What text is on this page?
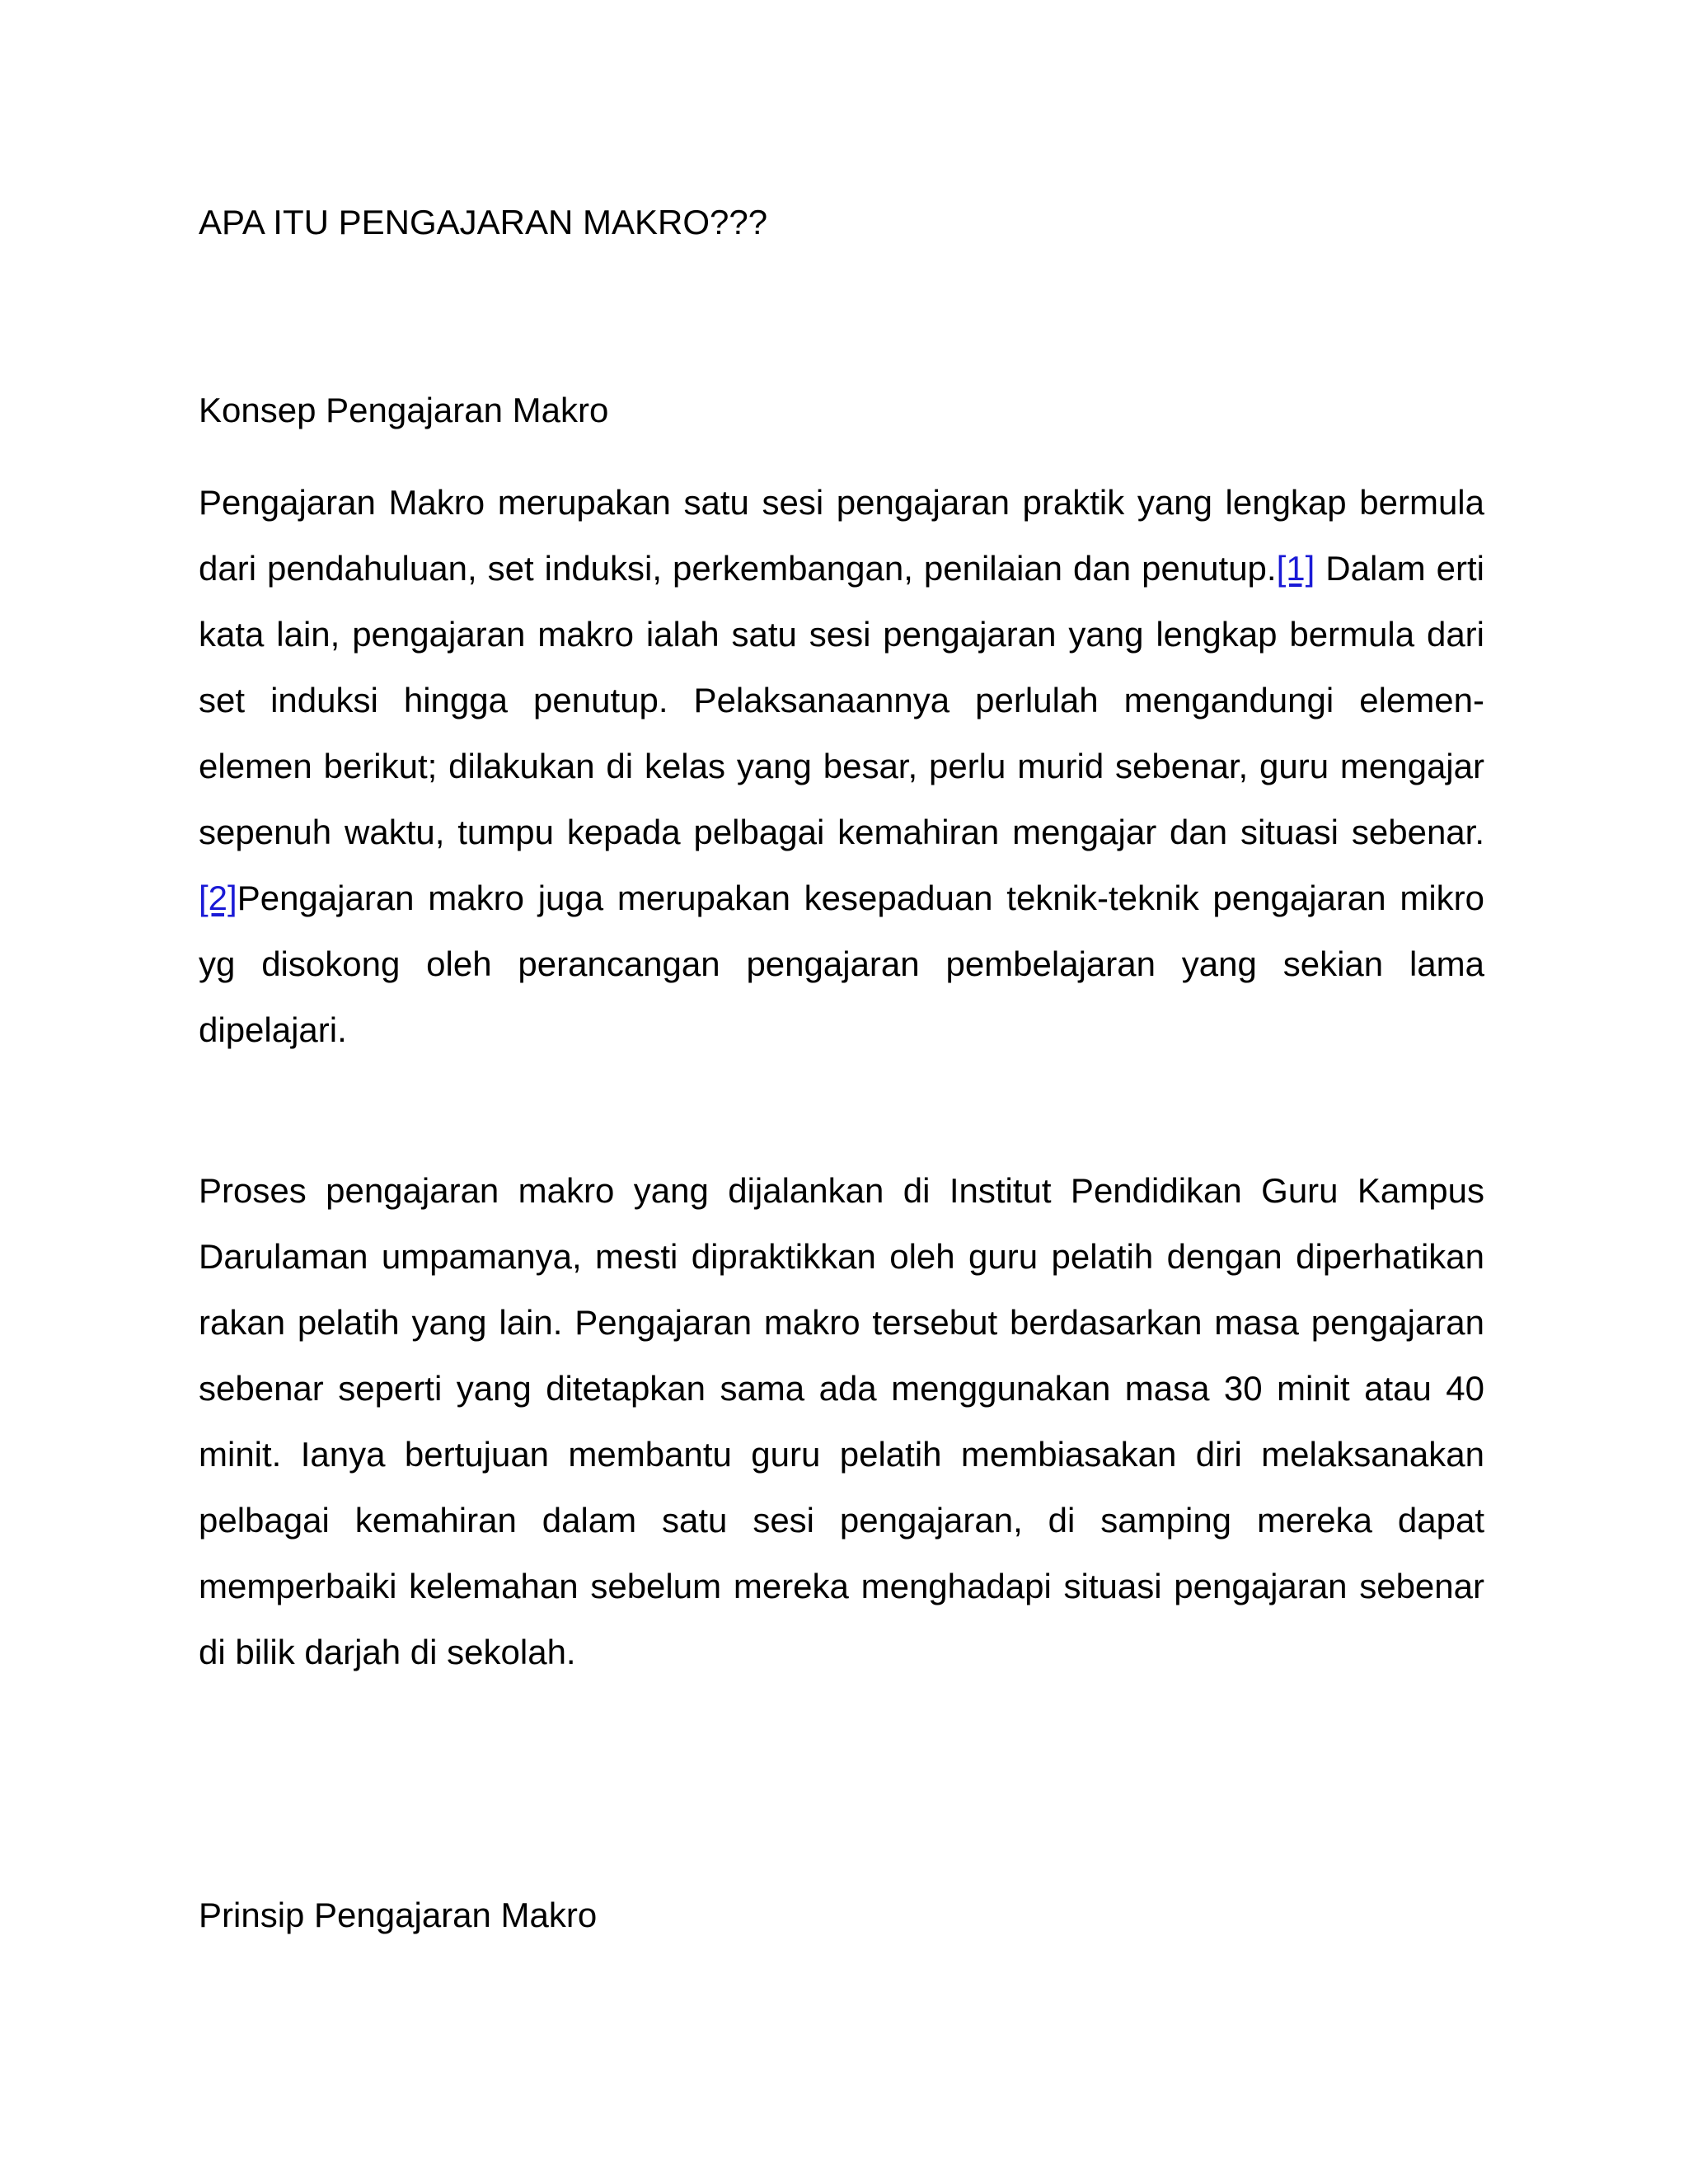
APA ITU PENGAJARAN MAKRO???

Konsep Pengajaran Makro

Pengajaran Makro merupakan satu sesi pengajaran praktik yang lengkap bermula dari pendahuluan, set induksi, perkembangan, penilaian dan penutup.[1] Dalam erti kata lain, pengajaran makro ialah satu sesi pengajaran yang lengkap bermula dari set induksi hingga penutup. Pelaksanaannya perlulah mengandungi elemen-elemen berikut; dilakukan di kelas yang besar, perlu murid sebenar, guru mengajar sepenuh waktu, tumpu kepada pelbagai kemahiran mengajar dan situasi sebenar. [2]Pengajaran makro juga merupakan kesepaduan teknik-teknik pengajaran mikro yg disokong oleh perancangan pengajaran pembelajaran yang sekian lama dipelajari.

Proses pengajaran makro yang dijalankan di Institut Pendidikan Guru Kampus Darulaman umpamanya, mesti dipraktikkan oleh guru pelatih dengan diperhatikan rakan pelatih yang lain. Pengajaran makro tersebut berdasarkan masa pengajaran sebenar seperti yang ditetapkan sama ada menggunakan masa 30 minit atau 40 minit. Ianya bertujuan membantu guru pelatih membiasakan diri melaksanakan pelbagai kemahiran dalam satu sesi pengajaran, di samping mereka dapat memperbaiki kelemahan sebelum mereka menghadapi situasi pengajaran sebenar di bilik darjah di sekolah.

Prinsip Pengajaran Makro
